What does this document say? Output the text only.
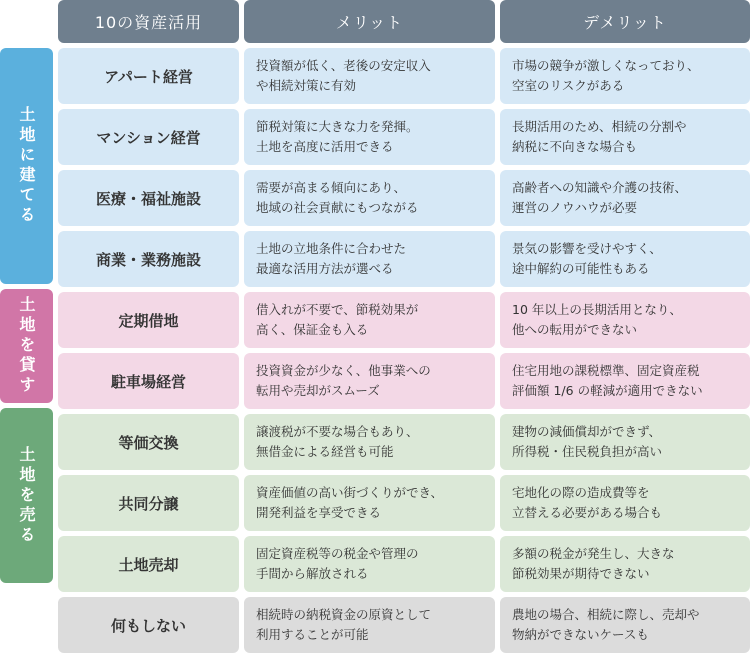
10の資産活用	メリット	デメリット
土地に建てる
土地を貸す
土地を売る
アパート経営
投資額が低く、老後の安定収入
や相続対策に有効
市場の競争が激しくなっており、
空室のリスクがある
マンション経営
節税対策に大きな力を発揮。
土地を高度に活用できる
長期活用のため、相続の分割や
納税に不向きな場合も
医療・福祉施設
需要が高まる傾向にあり、
地域の社会貢献にもつながる
高齢者への知識や介護の技術、
運営のノウハウが必要
商業・業務施設
土地の立地条件に合わせた
最適な活用方法が選べる
景気の影響を受けやすく、
途中解約の可能性もある
定期借地
借入れが不要で、節税効果が
高く、保証金も入る
10 年以上の長期活用となり、
他への転用ができない
駐車場経営
投資資金が少なく、他事業への
転用や売却がスムーズ
住宅用地の課税標準、固定資産税
評価額 1/6 の軽減が適用できない
等価交換
譲渡税が不要な場合もあり、
無借金による経営も可能
建物の減価償却ができず、
所得税・住民税負担が高い
共同分譲
資産価値の高い街づくりができ、
開発利益を享受できる
宅地化の際の造成費等を
立替える必要がある場合も
土地売却
固定資産税等の税金や管理の
手間から解放される
多額の税金が発生し、大きな
節税効果が期待できない
何もしない
相続時の納税資金の原資として
利用することが可能
農地の場合、相続に際し、売却や
物納ができないケースも
